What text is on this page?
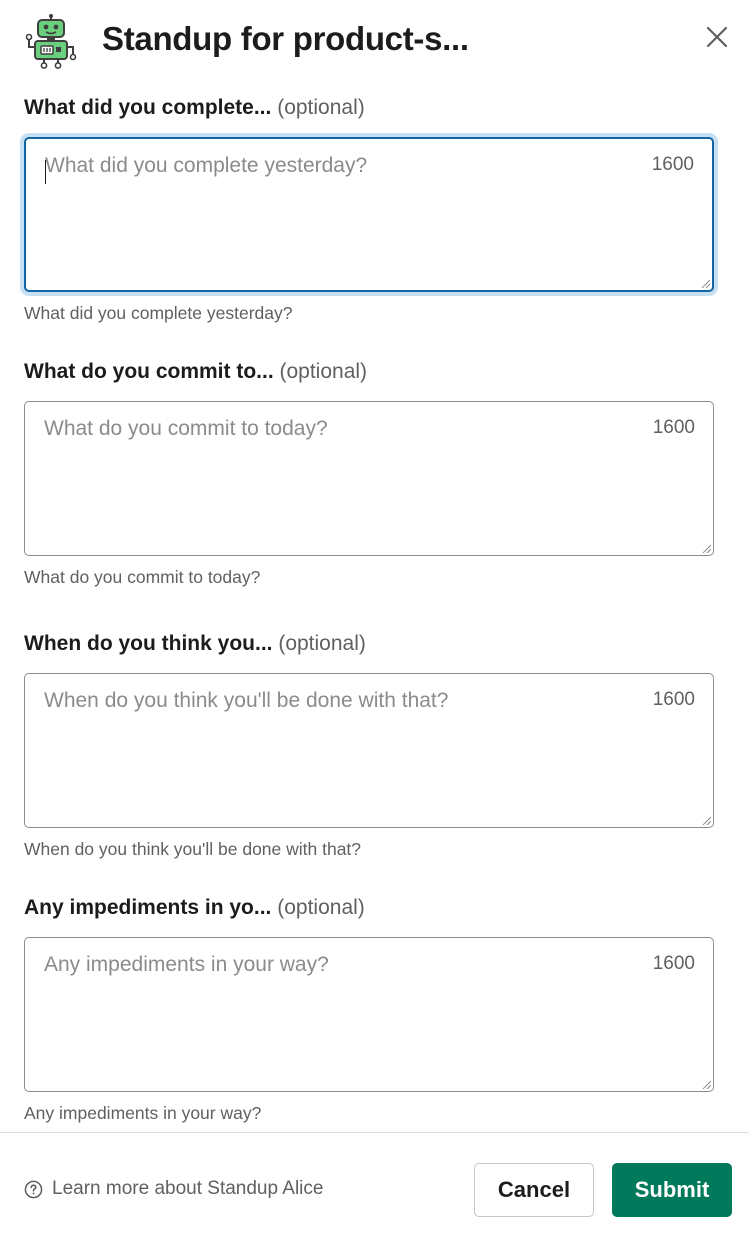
Standup for product-s...
What did you complete... (optional)
What did you complete yesterday?
1600
What did you complete yesterday?
What do you commit to... (optional)
What do you commit to today?
1600
What do you commit to today?
When do you think you... (optional)
When do you think you'll be done with that?
1600
When do you think you'll be done with that?
Any impediments in yo... (optional)
Any impediments in your way?
1600
Any impediments in your way?
Learn more about Standup Alice	Cancel	Submit
